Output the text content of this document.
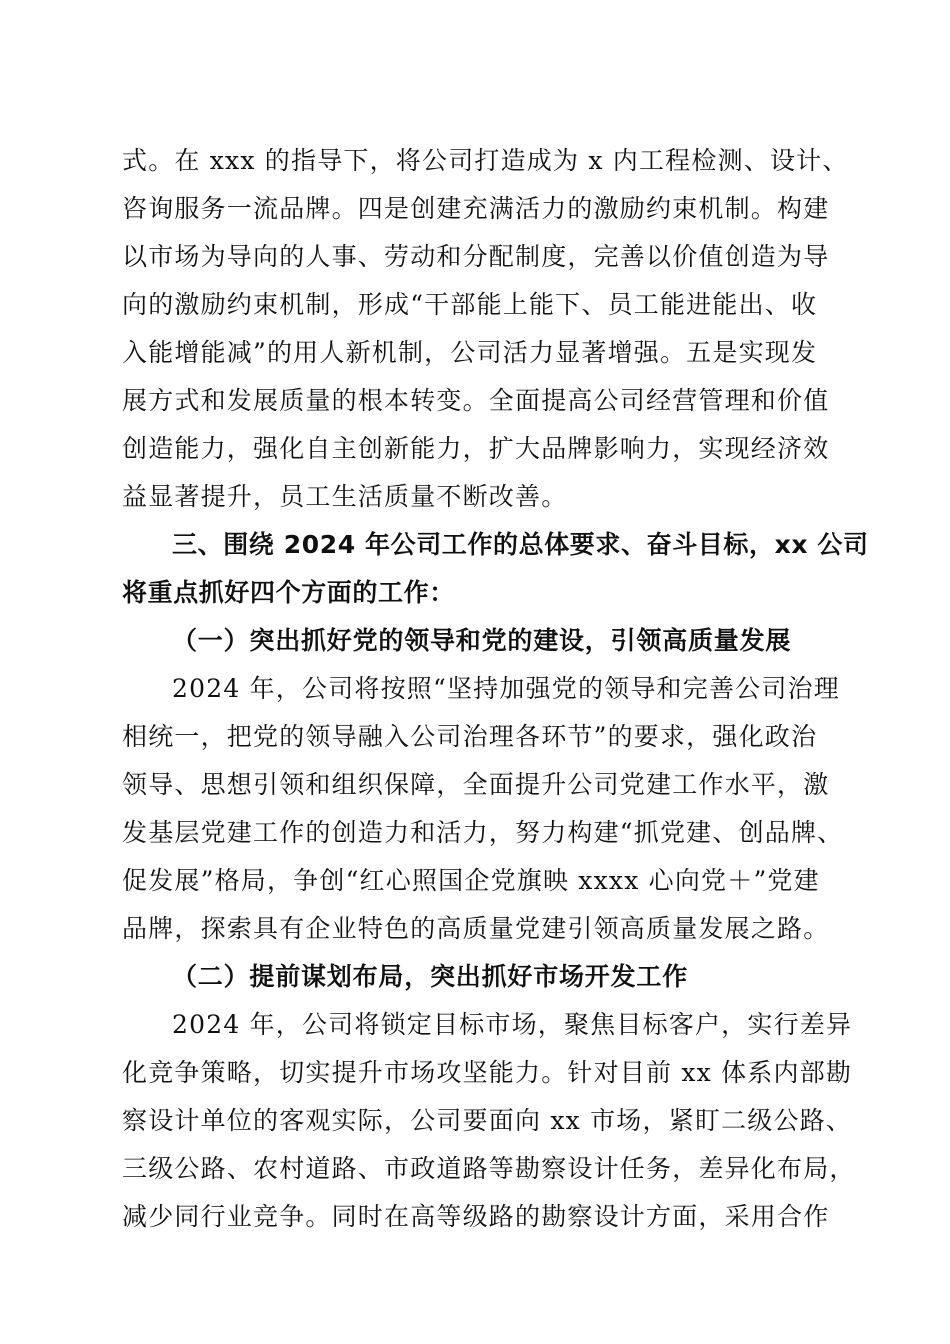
式。在 xxx 的指导下，将公司打造成为 x 内工程检测、设计、
咨询服务一流品牌。四是创建充满活力的激励约束机制。构建
以市场为导向的人事、劳动和分配制度，完善以价值创造为导
向的激励约束机制，形成“干部能上能下、员工能进能出、收
入能增能减”的用人新机制，公司活力显著增强。五是实现发
展方式和发展质量的根本转变。全面提高公司经营管理和价值
创造能力，强化自主创新能力，扩大品牌影响力，实现经济效
益显著提升，员工生活质量不断改善。
三、围绕 2024 年公司工作的总体要求、奋斗目标，xx 公司
将重点抓好四个方面的工作：
（一）突出抓好党的领导和党的建设，引领高质量发展
2024 年，公司将按照“坚持加强党的领导和完善公司治理
相统一，把党的领导融入公司治理各环节”的要求，强化政治
领导、思想引领和组织保障，全面提升公司党建工作水平，激
发基层党建工作的创造力和活力，努力构建“抓党建、创品牌、
促发展”格局，争创“红心照国企党旗映 xxxx 心向党＋”党建
品牌，探索具有企业特色的高质量党建引领高质量发展之路。
（二）提前谋划布局，突出抓好市场开发工作
2024 年，公司将锁定目标市场，聚焦目标客户，实行差异
化竞争策略，切实提升市场攻坚能力。针对目前 xx 体系内部勘
察设计单位的客观实际，公司要面向 xx 市场，紧盯二级公路、
三级公路、农村道路、市政道路等勘察设计任务，差异化布局，
减少同行业竞争。同时在高等级路的勘察设计方面，采用合作
